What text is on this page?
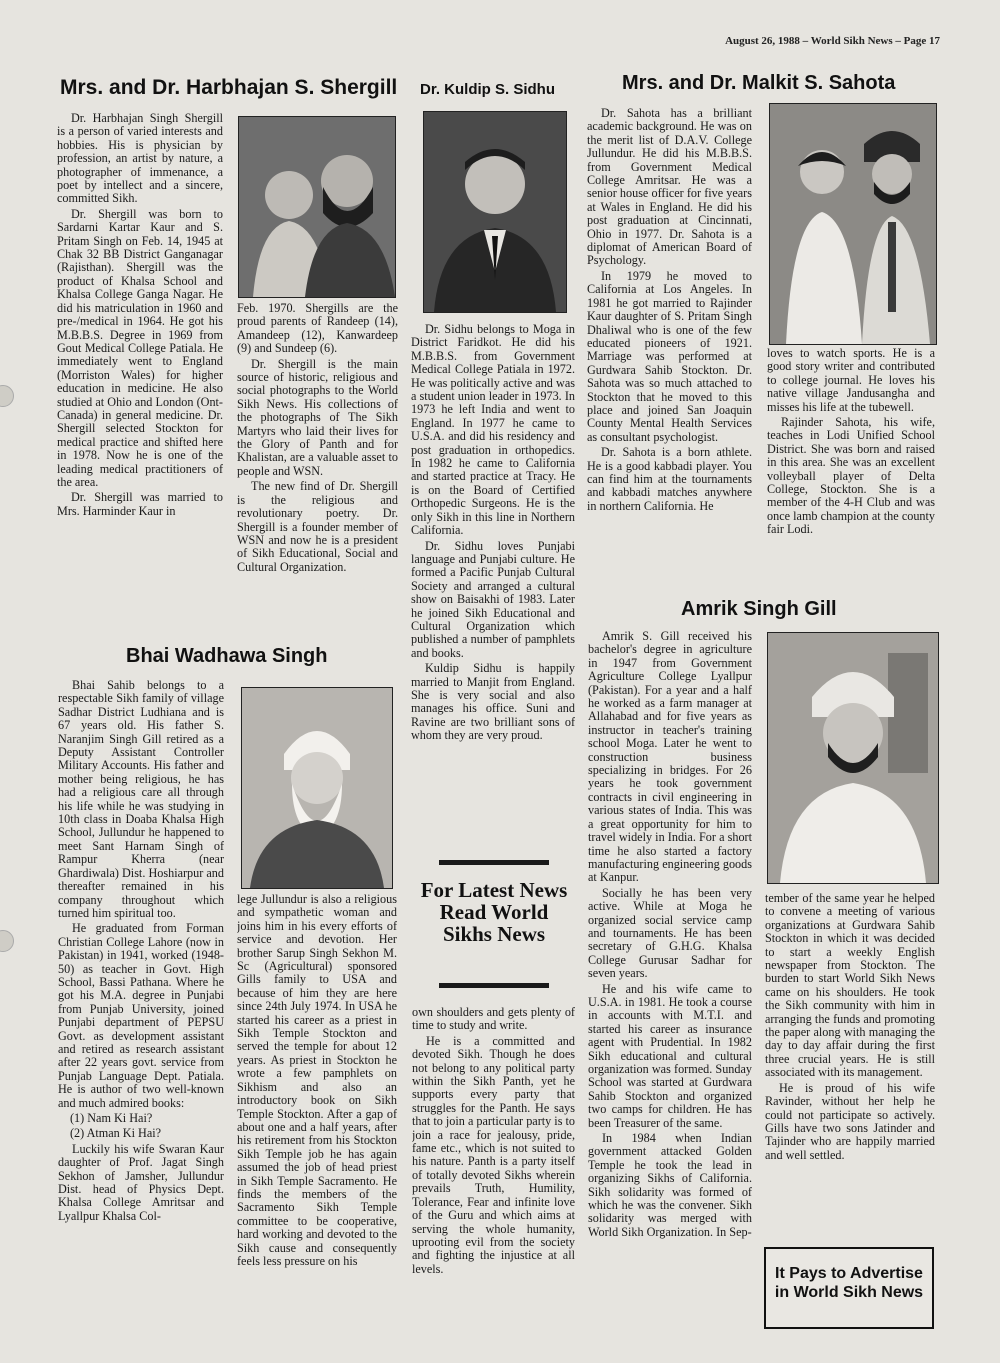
August 26, 1988 – World Sikh News – Page 17
Mrs. and Dr. Harbhajan S. Shergill

Dr. Harbhajan Singh Shergill is a person of varied interests and hobbies. His is physician by profession, an artist by nature, a photographer of immenance, a poet by intellect and a sincere, committed Sikh.

Dr. Shergill was born to Sardarni Kartar Kaur and S. Pritam Singh on Feb. 14, 1945 at Chak 32 BB District Ganganagar (Rajisthan). Shergill was the product of Khalsa School and Khalsa College Ganga Nagar. He did his matriculation in 1960 and pre-/medical in 1964. He got his M.B.B.S. Degree in 1969 from Gout Medical College Patiala. He immediately went to England (Morriston Wales) for higher education in medicine. He also studied at Ohio and London (Ont-Canada) in general medicine. Dr. Shergill selected Stockton for medical practice and shifted here in 1978. Now he is one of the leading medical practitioners of the area.

Dr. Shergill was married to Mrs. Harminder Kaur in

Feb. 1970. Shergills are the proud parents of Randeep (14), Amandeep (12), Kanwardeep (9) and Sundeep (6).

Dr. Shergill is the main source of historic, religious and social photographs to the World Sikh News. His collections of the photographs of The Sikh Martyrs who laid their lives for the Glory of Panth and for Khalistan, are a valuable asset to people and WSN.

The new find of Dr. Shergill is the religious and revolutionary poetry. Dr. Shergill is a founder member of WSN and now he is a president of Sikh Educational, Social and Cultural Organization.

Dr. Kuldip S. Sidhu

Dr. Sidhu belongs to Moga in District Faridkot. He did his M.B.B.S. from Government Medical College Patiala in 1972. He was politically active and was a student union leader in 1973. In 1973 he left India and went to England. In 1977 he came to U.S.A. and did his residency and post graduation in orthopedics. In 1982 he came to California and started practice at Tracy. He is on the Board of Certified Orthopedic Surgeons. He is the only Sikh in this line in Northern California.

Dr. Sidhu loves Punjabi language and Punjabi culture. He formed a Pacific Punjab Cultural Society and arranged a cultural show on Baisakhi of 1983. Later he joined Sikh Educational and Cultural Organization which published a number of pamphlets and books.

Kuldip Sidhu is happily married to Manjit from England. She is very social and also manages his office. Suni and Ravine are two brilliant sons of whom they are very proud.

Mrs. and Dr. Malkit S. Sahota

Dr. Sahota has a brilliant academic background. He was on the merit list of D.A.V. College Jullundur. He did his M.B.B.S. from Government Medical College Amritsar. He was a senior house officer for five years at Wales in England. He did his post graduation at Cincinnati, Ohio in 1977. Dr. Sahota is a diplomat of American Board of Psychology.

In 1979 he moved to California at Los Angeles. In 1981 he got married to Rajinder Kaur daughter of S. Pritam Singh Dhaliwal who is one of the few educated pioneers of 1921. Marriage was performed at Gurdwara Sahib Stockton. Dr. Sahota was so much attached to Stockton that he moved to this place and joined San Joaquin County Mental Health Services as consultant psychologist.

Dr. Sahota is a born athlete. He is a good kabbadi player. You can find him at the tournaments and kabbadi matches anywhere in northern California. He

loves to watch sports. He is a good story writer and contributed to college journal. He loves his native village Jandusangha and misses his life at the tubewell.

Rajinder Sahota, his wife, teaches in Lodi Unified School District. She was born and raised in this area. She was an excellent volleyball player of Delta College, Stockton. She is a member of the 4-H Club and was once lamb champion at the county fair Lodi.

Bhai Wadhawa Singh

Bhai Sahib belongs to a respectable Sikh family of village Sadhar District Ludhiana and is 67 years old. His father S. Naranjim Singh Gill retired as a Deputy Assistant Controller Military Accounts. His father and mother being religious, he has had a religious care all through his life while he was studying in 10th class in Doaba Khalsa High School, Jullundur he happened to meet Sant Harnam Singh of Rampur Kherra (near Ghardiwala) Dist. Hoshiarpur and thereafter remained in his company throughout which turned him spiritual too.

He graduated from Forman Christian College Lahore (now in Pakistan) in 1941, worked (1948-50) as teacher in Govt. High School, Bassi Pathana. Where he got his M.A. degree in Punjabi from Punjab University, joined Punjabi department of PEPSU Govt. as development assistant and retired as research assistant after 22 years govt. service from Punjab Language Dept. Patiala. He is author of two well-known and much admired books:

(1) Nam Ki Hai?

(2) Atman Ki Hai?

Luckily his wife Swaran Kaur daughter of Prof. Jagat Singh Sekhon of Jamsher, Jullundur Dist. head of Physics Dept. Khalsa College Amritsar and Lyallpur Khalsa Col-

lege Jullundur is also a religious and sympathetic woman and joins him in his every efforts of service and devotion. Her brother Sarup Singh Sekhon M. Sc (Agricultural) sponsored Gills family to USA and because of him they are here since 24th July 1974. In USA he started his career as a priest in Sikh Temple Stockton and served the temple for about 12 years. As priest in Stockton he wrote a few pamphlets on Sikhism and also an introductory book on Sikh Temple Stockton. After a gap of about one and a half years, after his retirement from his Stockton Sikh Temple job he has again assumed the job of head priest in Sikh Temple Sacramento. He finds the members of the Sacramento Sikh Temple committee to be cooperative, hard working and devoted to the Sikh cause and consequently feels less pressure on his

own shoulders and gets plenty of time to study and write.

He is a committed and devoted Sikh. Though he does not belong to any political party within the Sikh Panth, yet he supports every party that struggles for the Panth. He says that to join a particular party is to join a race for jealousy, pride, fame etc., which is not suited to his nature. Panth is a party itself of totally devoted Sikhs wherein prevails Truth, Humility, Tolerance, Fear and infinite love of the Guru and which aims at serving the whole humanity, uprooting evil from the society and fighting the injustice at all levels.

For Latest News Read World Sikhs News
Amrik Singh Gill

Amrik S. Gill received his bachelor's degree in agriculture in 1947 from Government Agriculture College Lyallpur (Pakistan). For a year and a half he worked as a farm manager at Allahabad and for five years as instructor in teacher's training school Moga. Later he went to construction business specializing in bridges. For 26 years he took government contracts in civil engineering in various states of India. This was a great opportunity for him to travel widely in India. For a short time he also started a factory manufacturing engineering goods at Kanpur.

Socially he has been very active. While at Moga he organized social service camp and tournaments. He has been secretary of G.H.G. Khalsa College Gurusar Sadhar for seven years.

He and his wife came to U.S.A. in 1981. He took a course in accounts with M.T.I. and started his career as insurance agent with Prudential. In 1982 Sikh educational and cultural organization was formed. Sunday School was started at Gurdwara Sahib Stockton and organized two camps for children. He has been Treasurer of the same.

In 1984 when Indian government attacked Golden Temple he took the lead in organizing Sikhs of California. Sikh solidarity was formed of which he was the convener. Sikh solidarity was merged with World Sikh Organization. In Sep-

tember of the same year he helped to convene a meeting of various organizations at Gurdwara Sahib Stockton in which it was decided to start a weekly English newspaper from Stockton. The burden to start World Sikh News came on his shoulders. He took the Sikh community with him in arranging the funds and promoting the paper along with managing the day to day affair during the first three crucial years. He is still associated with its management.

He is proud of his wife Ravinder, without her help he could not participate so actively. Gills have two sons Jatinder and Tajinder who are happily married and well settled.

It Pays to Advertise in World Sikh News
